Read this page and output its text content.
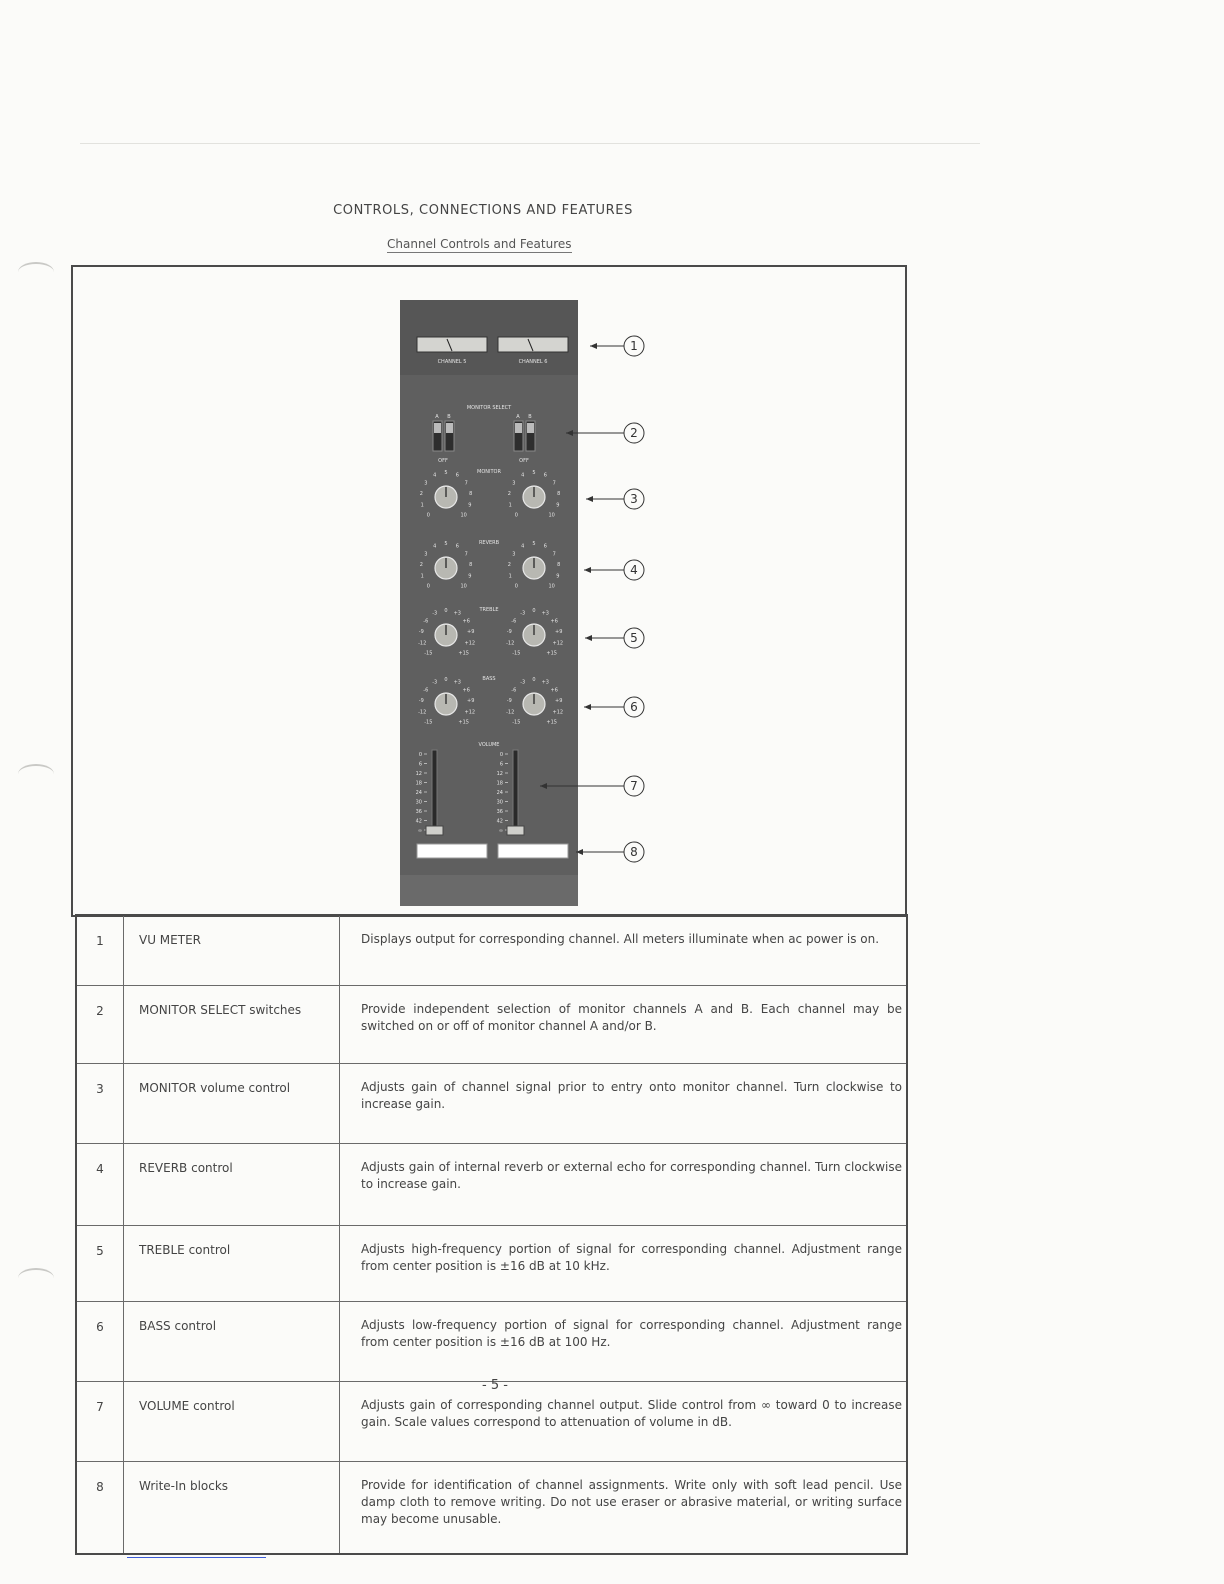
CONTROLS, CONNECTIONS AND FEATURES
Channel Controls and Features
CHANNEL 5	CHANNEL 6
MONITOR SELECT
A B
OFF
A B
OFF
MONITOR
0
1
2
3
4 5 6
7
8
9
10	0
1
2
3
4 5 6
7
8
9
10
REVERB
0
1
2
3
4 5 6
7
8
9
10	0
1
2
3
4 5 6
7
8
9
10
TREBLE
-15
-12
-9
-6
-3 0 +3
+6
+9
+12
+15	-15
-12
-9
-6
-3 0 +3
+6
+9
+12
+15
BASS
-15
-12
-9
-6
-3 0 +3
+6
+9
+12
+15	-15
-12
-9
-6
-3 0 +3
+6
+9
+12
+15
VOLUME
0
6
12
18
24
30
36
42
∞
0
6
12
18
24
30
36
42
∞
1
2
3
4
5
6
7
8
1	VU METER	Displays output for corresponding channel. All meters illuminate when ac power is on.
2	MONITOR SELECT switches	Provide independent selection of monitor channels A and B. Each channel may be switched on or off of monitor channel A and/or B.
3	MONITOR volume control	Adjusts gain of channel signal prior to entry onto monitor channel. Turn clockwise to increase gain.
4	REVERB control	Adjusts gain of internal reverb or external echo for corresponding channel. Turn clockwise to increase gain.
5	TREBLE control	Adjusts high-frequency portion of signal for corresponding channel. Adjustment range from center position is ±16 dB at 10 kHz.
6	BASS control	Adjusts low-frequency portion of signal for corresponding channel. Adjustment range from center position is ±16 dB at 100 Hz.
7	VOLUME control	Adjusts gain of corresponding channel output. Slide control from ∞ toward 0 to increase gain. Scale values correspond to attenuation of volume in dB.
8	Write-In blocks	Provide for identification of channel assignments. Write only with soft lead pencil. Use damp cloth to remove writing. Do not use eraser or abrasive material, or writing surface may become unusable.
- 5 -
